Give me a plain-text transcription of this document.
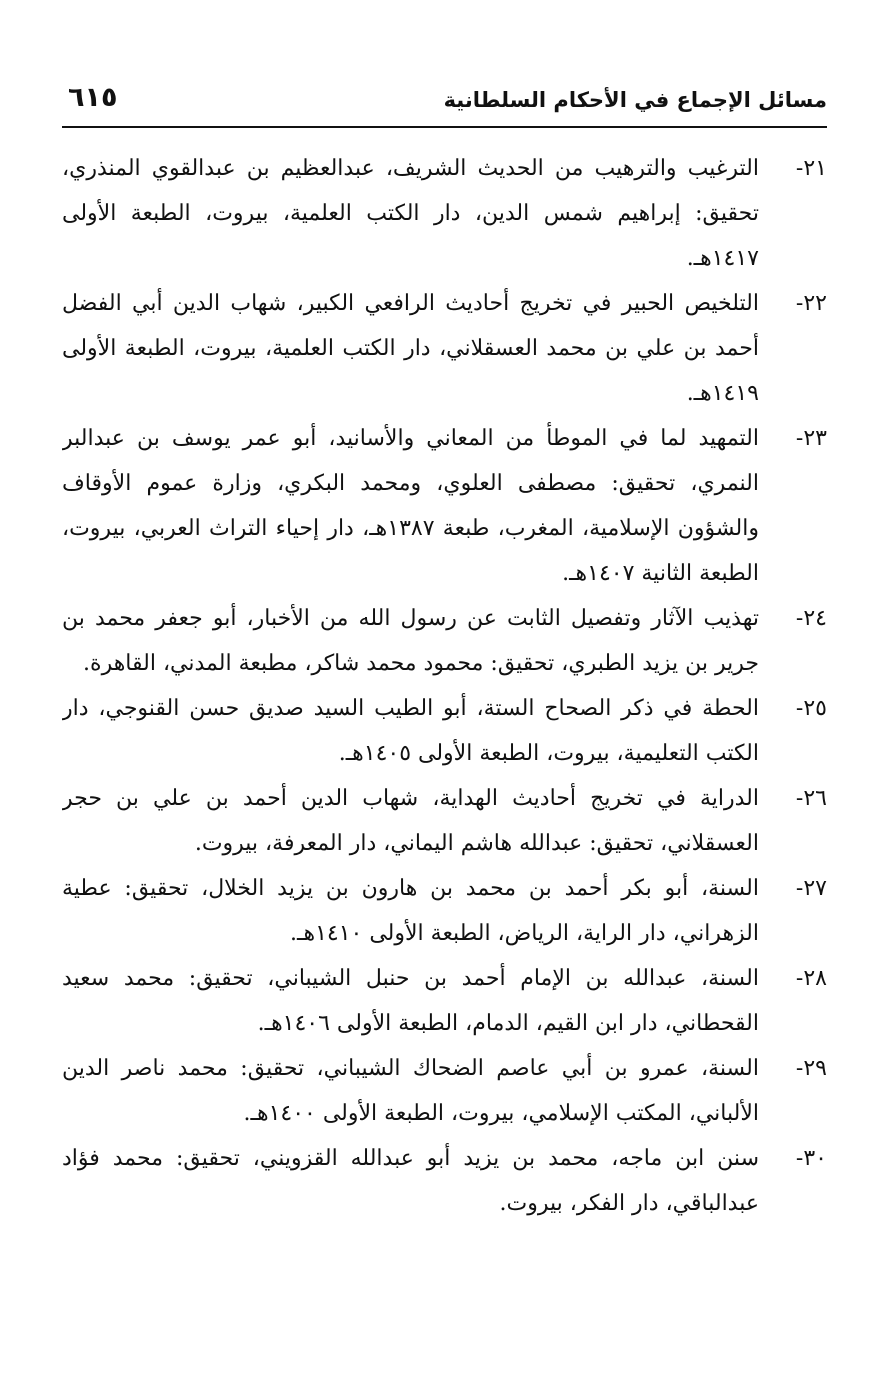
مسائل الإجماع في الأحكام السلطانية
٦١٥
٢١-
الترغيب والترهيب من الحديث الشريف، عبدالعظيم بن عبدالقوي المنذري، تحقيق: إبراهيم شمس الدين، دار الكتب العلمية، بيروت، الطبعة الأولى ١٤١٧هـ.
٢٢-
التلخيص الحبير في تخريج أحاديث الرافعي الكبير، شهاب الدين أبي الفضل أحمد بن علي بن محمد العسقلاني، دار الكتب العلمية، بيروت، الطبعة الأولى ١٤١٩هـ.
٢٣-
التمهيد لما في الموطأ من المعاني والأسانيد، أبو عمر يوسف بن عبدالبر النمري، تحقيق: مصطفى العلوي، ومحمد البكري، وزارة عموم الأوقاف والشؤون الإسلامية، المغرب، طبعة ١٣٨٧هـ، دار إحياء التراث العربي، بيروت، الطبعة الثانية ١٤٠٧هـ.
٢٤-
تهذيب الآثار وتفصيل الثابت عن رسول الله من الأخبار، أبو جعفر محمد بن جرير بن يزيد الطبري، تحقيق: محمود محمد شاكر، مطبعة المدني، القاهرة.
٢٥-
الحطة في ذكر الصحاح الستة، أبو الطيب السيد صديق حسن القنوجي، دار الكتب التعليمية، بيروت، الطبعة الأولى ١٤٠٥هـ.
٢٦-
الدراية في تخريج أحاديث الهداية، شهاب الدين أحمد بن علي بن حجر العسقلاني، تحقيق: عبدالله هاشم اليماني، دار المعرفة، بيروت.
٢٧-
السنة، أبو بكر أحمد بن محمد بن هارون بن يزيد الخلال، تحقيق: عطية الزهراني، دار الراية، الرياض، الطبعة الأولى ١٤١٠هـ.
٢٨-
السنة، عبدالله بن الإمام أحمد بن حنبل الشيباني، تحقيق: محمد سعيد القحطاني، دار ابن القيم، الدمام، الطبعة الأولى ١٤٠٦هـ.
٢٩-
السنة، عمرو بن أبي عاصم الضحاك الشيباني، تحقيق: محمد ناصر الدين الألباني، المكتب الإسلامي، بيروت، الطبعة الأولى ١٤٠٠هـ.
٣٠-
سنن ابن ماجه، محمد بن يزيد أبو عبدالله القزويني، تحقيق: محمد فؤاد عبدالباقي، دار الفكر، بيروت.
